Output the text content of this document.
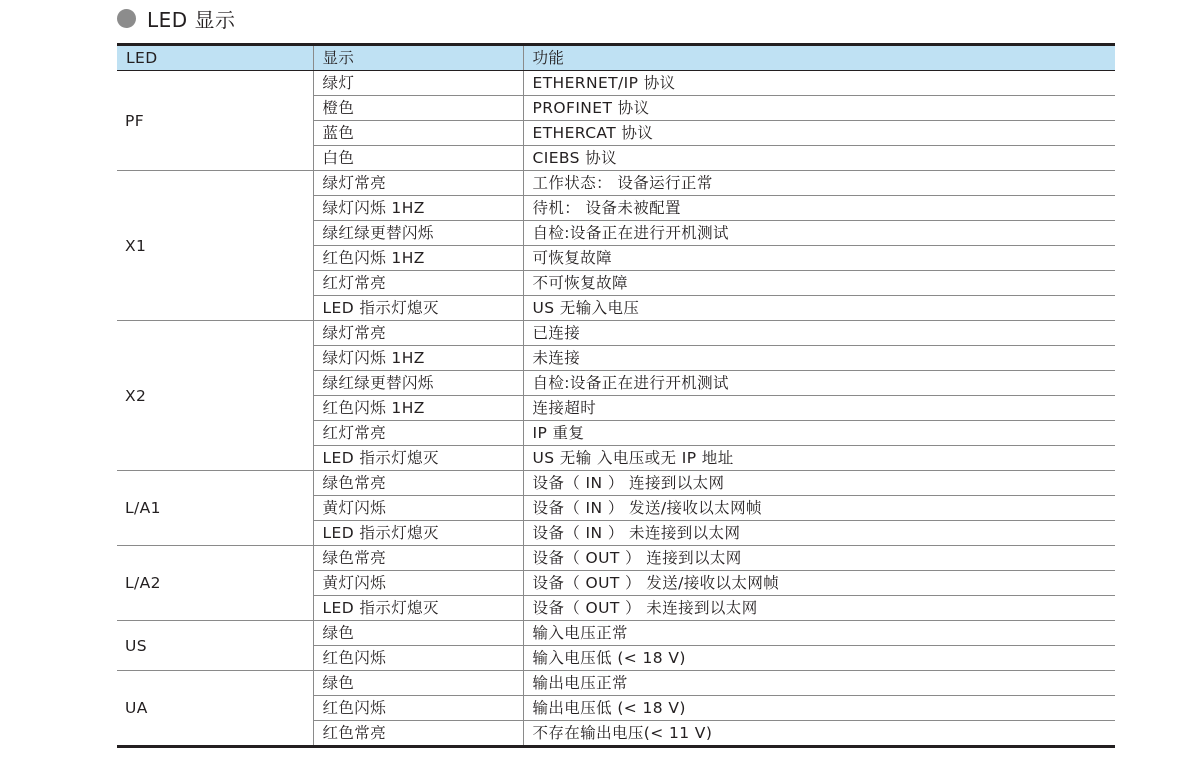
LED 显示
LED	显示	功能
PF	绿灯	ETHERNET/IP 协议
	橙色	PROFINET 协议
	蓝色	ETHERCAT 协议
	白色	CIEBS 协议
X1	绿灯常亮	工作状态： 设备运行正常
	绿灯闪烁 1HZ	待机： 设备未被配置
	绿红绿更替闪烁	自检:设备正在进行开机测试
	红色闪烁 1HZ	可恢复故障
	红灯常亮	不可恢复故障
	LED 指示灯熄灭	US 无输入电压
X2	绿灯常亮	已连接
	绿灯闪烁 1HZ	未连接
	绿红绿更替闪烁	自检:设备正在进行开机测试
	红色闪烁 1HZ	连接超时
	红灯常亮	IP 重复
	LED 指示灯熄灭	US 无输 入电压或无 IP 地址
L/A1	绿色常亮	设备（ IN ） 连接到以太网
	黄灯闪烁	设备（ IN ） 发送/接收以太网帧
	LED 指示灯熄灭	设备（ IN ） 未连接到以太网
L/A2	绿色常亮	设备（ OUT ） 连接到以太网
	黄灯闪烁	设备（ OUT ） 发送/接收以太网帧
	LED 指示灯熄灭	设备（ OUT ） 未连接到以太网
US	绿色	输入电压正常
	红色闪烁	输入电压低 (< 18 V)
UA	绿色	输出电压正常
	红色闪烁	输出电压低 (< 18 V)
	红色常亮	不存在输出电压(< 11 V)
